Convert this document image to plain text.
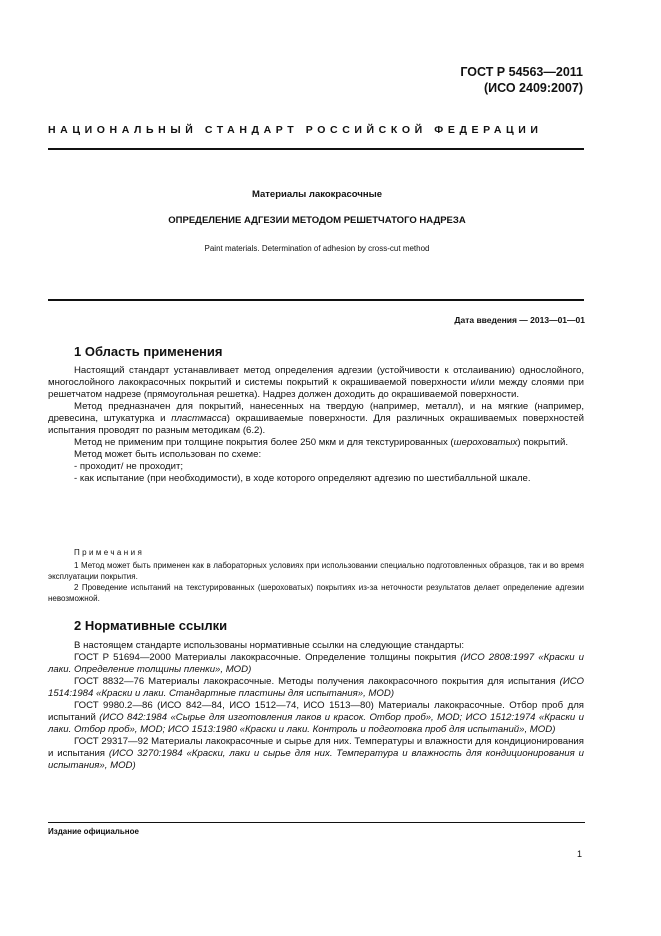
ГОСТ Р 54563—2011
(ИСО 2409:2007)
НАЦИОНАЛЬНЫЙ СТАНДАРТ РОССИЙСКОЙ ФЕДЕРАЦИИ
Материалы лакокрасочные
ОПРЕДЕЛЕНИЕ АДГЕЗИИ МЕТОДОМ РЕШЕТЧАТОГО НАДРЕЗА
Paint materials. Determination of adhesion by cross-cut method
Дата введения — 2013—01—01

1 Область применения

Настоящий стандарт устанавливает метод определения адгезии (устойчивости к отслаиванию) однослойного, многослойного лакокрасочных покрытий и системы покрытий к окрашиваемой поверхности и/или между слоями при решетчатом надрезе (прямоугольная решетка). Надрез должен доходить до окрашиваемой поверхности.

Метод предназначен для покрытий, нанесенных на твердую (например, металл), и на мягкие (например, древесина, штукатурка и пластмасса) окрашиваемые поверхности. Для различных окрашиваемых поверхностей испытания проводят по разным методикам (6.2).

Метод не применим при толщине покрытия более 250 мкм и для текстурированных (шероховатых) покрытий.

Метод может быть использован по схеме:

- проходит/ не проходит;

- как испытание (при необходимости), в ходе которого определяют адгезию по шестибалльной шкале.

Примечания

1 Метод может быть применен как в лабораторных условиях при использовании специально подготовленных образцов, так и во время эксплуатации покрытия.

2 Проведение испытаний на текстурированных (шероховатых) покрытиях из-за неточности результатов делает определение адгезии невозможной.

2 Нормативные ссылки

В настоящем стандарте использованы нормативные ссылки на следующие стандарты:

ГОСТ Р 51694—2000 Материалы лакокрасочные. Определение толщины покрытия (ИСО 2808:1997 «Краски и лаки. Определение толщины пленки», MOD)

ГОСТ 8832—76 Материалы лакокрасочные. Методы получения лакокрасочного покрытия для испытания (ИСО 1514:1984 «Краски и лаки. Стандартные пластины для испытания», MOD)

ГОСТ 9980.2—86 (ИСО 842—84, ИСО 1512—74, ИСО 1513—80) Материалы лакокрасочные. Отбор проб для испытаний (ИСО 842:1984 «Сырье для изготовления лаков и красок. Отбор проб», MOD; ИСО 1512:1974 «Краски и лаки. Отбор проб», MOD; ИСО 1513:1980 «Краски и лаки. Контроль и подготовка проб для испытаний», MOD)

ГОСТ 29317—92 Материалы лакокрасочные и сырье для них. Температуры и влажности для кондиционирования и испытания (ИСО 3270:1984 «Краски, лаки и сырье для них. Температура и влажность для кондиционирования и испытания», MOD)

Издание официальное
1
